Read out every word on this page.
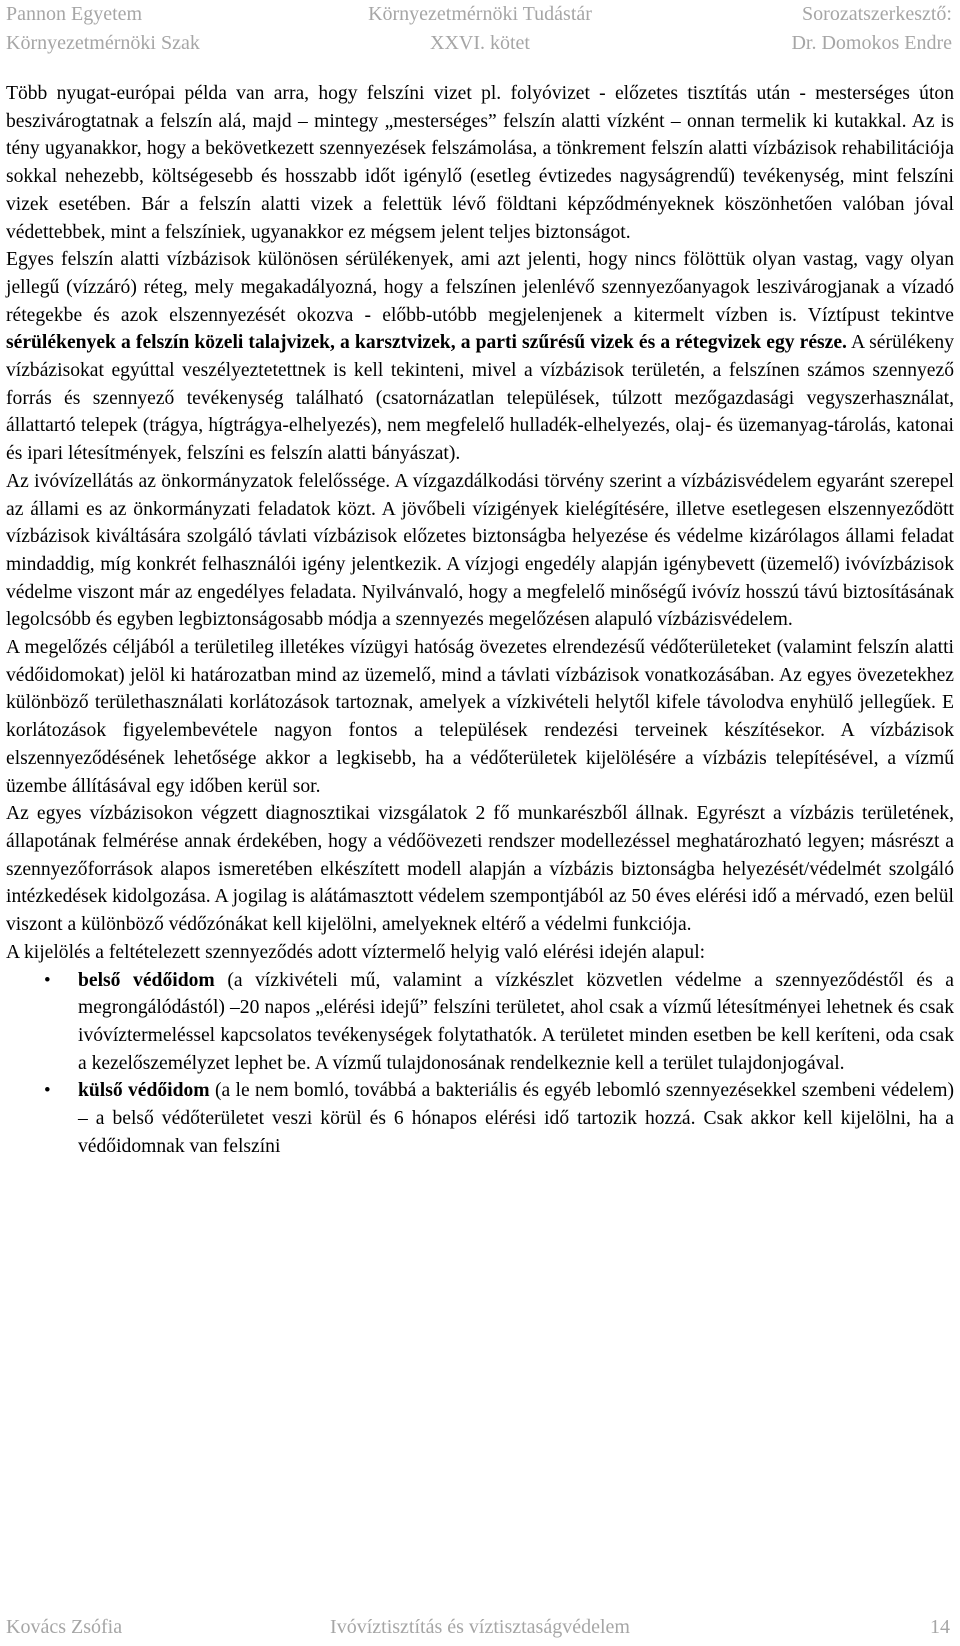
Környezetmérnöki Tudástár
XXVI. kötet
Pannon Egyetem
Környezetmérnöki Szak
Sorozatszerkesztő:
Dr. Domokos Endre

Több nyugat-európai példa van arra, hogy felszíni vizet pl. folyóvizet - előzetes tisztítás után - mesterséges úton beszivárogtatnak a felszín alá, majd – mintegy „mesterséges” felszín alatti vízként – onnan termelik ki kutakkal. Az is tény ugyanakkor, hogy a bekövetkezett szennyezések felszámolása, a tönkrement felszín alatti vízbázisok rehabilitációja sokkal nehezebb, költségesebb és hosszabb időt igénylő (esetleg évtizedes nagyságrendű) tevékenység, mint felszíni vizek esetében. Bár a felszín alatti vizek a felettük lévő földtani képződményeknek köszönhetően valóban jóval védettebbek, mint a felszíniek, ugyanakkor ez mégsem jelent teljes biztonságot.

Egyes felszín alatti vízbázisok különösen sérülékenyek, ami azt jelenti, hogy nincs fölöttük olyan vastag, vagy olyan jellegű (vízzáró) réteg, mely megakadályozná, hogy a felszínen jelenlévő szennyezőanyagok leszivárogjanak a vízadó rétegekbe és azok elszennyezését okozva - előbb-utóbb megjelenjenek a kitermelt vízben is. Víztípust tekintve sérülékenyek a felszín közeli talajvizek, a karsztvizek, a parti szűrésű vizek és a rétegvizek egy része. A sérülékeny vízbázisokat egyúttal veszélyeztetettnek is kell tekinteni, mivel a vízbázisok területén, a felszínen számos szennyező forrás és szennyező tevékenység található (csatornázatlan települések, túlzott mezőgazdasági vegyszerhasználat, állattartó telepek (trágya, hígtrágya-elhelyezés), nem megfelelő hulladék-elhelyezés, olaj- és üzemanyag-tárolás, katonai és ipari létesítmények, felszíni es felszín alatti bányászat).

Az ivóvízellátás az önkormányzatok felelőssége. A vízgazdálkodási törvény szerint a vízbázisvédelem egyaránt szerepel az állami es az önkormányzati feladatok közt. A jövőbeli vízigények kielégítésére, illetve esetlegesen elszennyeződött vízbázisok kiváltására szolgáló távlati vízbázisok előzetes biztonságba helyezése és védelme kizárólagos állami feladat mindaddig, míg konkrét felhasználói igény jelentkezik. A vízjogi engedély alapján igénybevett (üzemelő) ivóvízbázisok védelme viszont már az engedélyes feladata. Nyilvánvaló, hogy a megfelelő minőségű ivóvíz hosszú távú biztosításának legolcsóbb és egyben legbiztonságosabb módja a szennyezés megelőzésen alapuló vízbázisvédelem.

A megelőzés céljából a területileg illetékes vízügyi hatóság övezetes elrendezésű védőterületeket (valamint felszín alatti védőidomokat) jelöl ki határozatban mind az üzemelő, mind a távlati vízbázisok vonatkozásában. Az egyes övezetekhez különböző területhasználati korlátozások tartoznak, amelyek a vízkivételi helytől kifele távolodva enyhülő jellegűek. E korlátozások figyelembevétele nagyon fontos a települések rendezési terveinek készítésekor. A vízbázisok elszennyeződésének lehetősége akkor a legkisebb, ha a védőterületek kijelölésére a vízbázis telepítésével, a vízmű üzembe állításával egy időben kerül sor.

Az egyes vízbázisokon végzett diagnosztikai vizsgálatok 2 fő munkarészből állnak. Egyrészt a vízbázis területének, állapotának felmérése annak érdekében, hogy a védőövezeti rendszer modellezéssel meghatározható legyen; másrészt a szennyezőforrások alapos ismeretében elkészített modell alapján a vízbázis biztonságba helyezését/védelmét szolgáló intézkedések kidolgozása. A jogilag is alátámasztott védelem szempontjából az 50 éves elérési idő a mérvadó, ezen belül viszont a különböző védőzónákat kell kijelölni, amelyeknek eltérő a védelmi funkciója.

A kijelölés a feltételezett szennyeződés adott víztermelő helyig való elérési idején alapul:

• belső védőidom (a vízkivételi mű, valamint a vízkészlet közvetlen védelme a szennyeződéstől és a megrongálódástól) –20 napos „elérési idejű” felszíni területet, ahol csak a vízmű létesítményei lehetnek és csak ivóvíztermeléssel kapcsolatos tevékenységek folytathatók. A területet minden esetben be kell keríteni, oda csak a kezelőszemélyzet lephet be. A vízmű tulajdonosának rendelkeznie kell a terület tulajdonjogával.
• külső védőidom (a le nem bomló, továbbá a bakteriális és egyéb lebomló szennyezésekkel szembeni védelem) – a belső védőterületet veszi körül és 6 hónapos elérési idő tartozik hozzá. Csak akkor kell kijelölni, ha a védőidomnak van felszíni
Ivóvíztisztítás és víztisztaságvédelem
Kovács Zsófia	14
